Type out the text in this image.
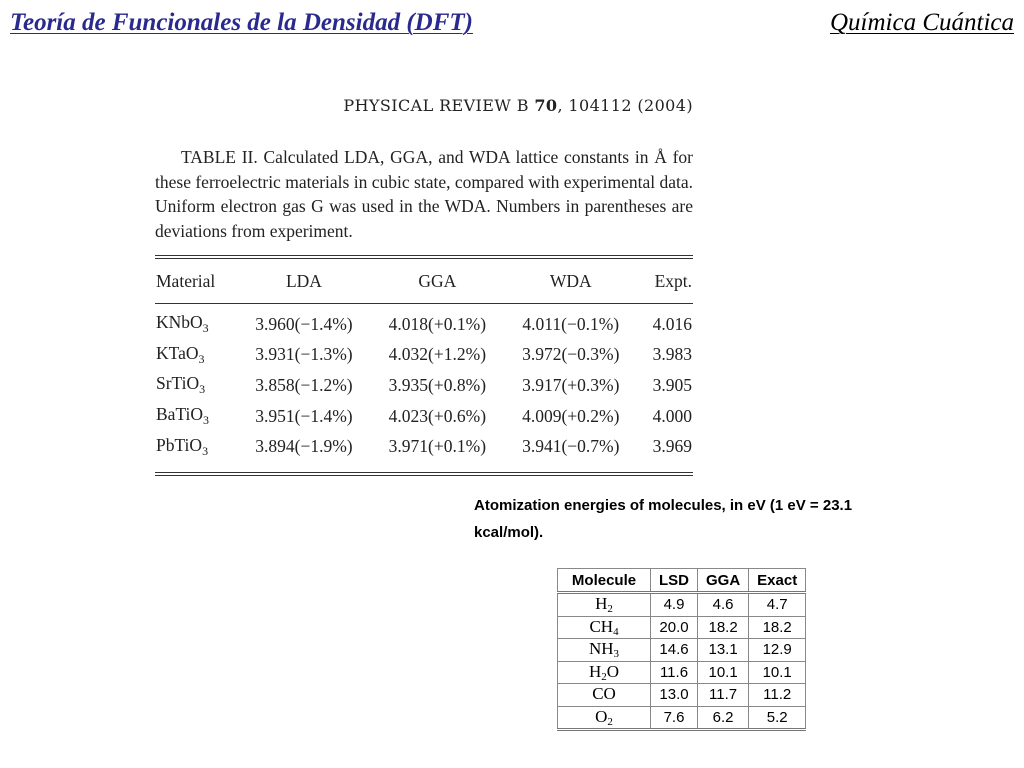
Teoría de Funcionales de la Densidad (DFT)	Química Cuántica
PHYSICAL REVIEW B 70, 104112 (2004)
TABLE II. Calculated LDA, GGA, and WDA lattice constants in Å for these ferroelectric materials in cubic state, compared with experimental data. Uniform electron gas G was used in the WDA. Numbers in parentheses are deviations from experiment.
Material	LDA	GGA	WDA	Expt.
KNbO$_3$	3.960(−1.4%)	4.018(+0.1%)	4.011(−0.1%)	4.016
KTaO$_3$	3.931(−1.3%)	4.032(+1.2%)	3.972(−0.3%)	3.983
SrTiO$_3$	3.858(−1.2%)	3.935(+0.8%)	3.917(+0.3%)	3.905
BaTiO$_3$	3.951(−1.4%)	4.023(+0.6%)	4.009(+0.2%)	4.000
PbTiO$_3$	3.894(−1.9%)	3.971(+0.1%)	3.941(−0.7%)	3.969
Atomization energies of molecules, in eV (1 eV = 23.1 kcal/mol).
Molecule	LSD	GGA	Exact
$H_2$	4.9	4.6	4.7
$CH_4$	20.0	18.2	18.2
$NH_3$	14.6	13.1	12.9
$H_2O$	11.6	10.1	10.1
CO	13.0	11.7	11.2
$O_2$	7.6	6.2	5.2
